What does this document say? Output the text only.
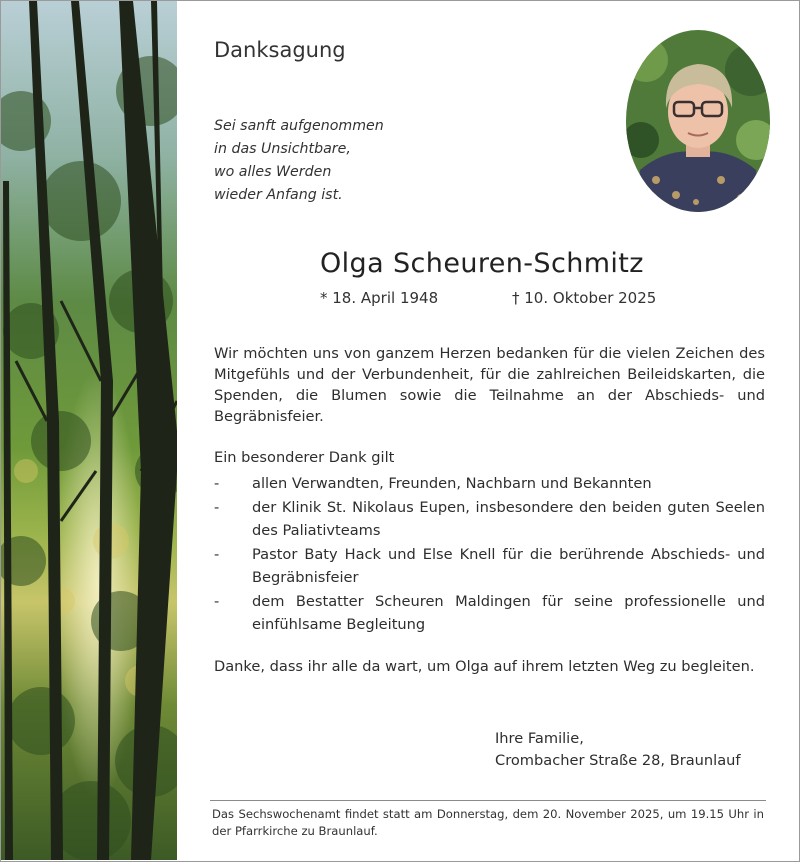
Danksagung
Sei sanft aufgenommen
in das Unsichtbare,
wo alles Werden
wieder Anfang ist.
Olga Scheuren-Schmitz
* 18. April 1948	† 10. Oktober 2025
Wir möchten uns von ganzem Herzen bedanken für die vielen Zeichen des Mitgefühls und der Verbundenheit, für die zahlreichen Beileidskarten, die Spenden, die Blumen sowie die Teilnahme an der Abschieds- und Begräbnisfeier.
Ein besonderer Dank gilt
- allen Verwandten, Freunden, Nachbarn und Bekannten
- der Klinik St. Nikolaus Eupen, insbesondere den beiden guten Seelen des Paliativteams
- Pastor Baty Hack und Else Knell für die berührende Abschieds- und Begräbnisfeier
- dem Bestatter Scheuren Maldingen für seine professionelle und einfühlsame Begleitung
Danke, dass ihr alle da wart, um Olga auf ihrem letzten Weg zu begleiten.
Ihre Familie,
Crombacher Straße 28, Braunlauf
Das Sechswochenamt findet statt am Donnerstag, dem 20. November 2025, um 19.15 Uhr in der Pfarrkirche zu Braunlauf.
